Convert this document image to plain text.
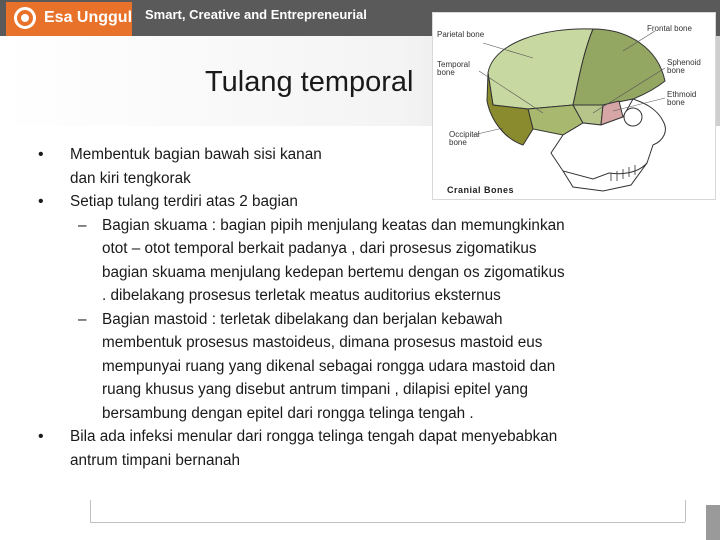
Esa Unggul Smart, Creative and Entrepreneurial
Tulang temporal
Parietal bone
Frontal bone
Temporal bone
Sphenoid bone
Ethmoid bone
Occipital bone
Cranial Bones
• Membentuk bagian bawah sisi kanan
dan kiri tengkorak
• Setiap tulang terdiri atas 2 bagian
– Bagian skuama : bagian pipih menjulang keatas dan memungkinkan
otot – otot temporal berkait padanya , dari prosesus zigomatikus
bagian skuama menjulang kedepan bertemu dengan os zigomatikus
. dibelakang prosesus terletak meatus auditorius eksternus
– Bagian mastoid : terletak dibelakang dan berjalan kebawah
membentuk prosesus mastoideus, dimana prosesus mastoid eus
mempunyai ruang yang dikenal sebagai rongga udara mastoid dan
ruang khusus yang disebut antrum timpani , dilapisi epitel yang
bersambung dengan epitel dari rongga telinga tengah .
• Bila ada infeksi menular dari rongga telinga tengah dapat menyebabkan
antrum timpani bernanah
